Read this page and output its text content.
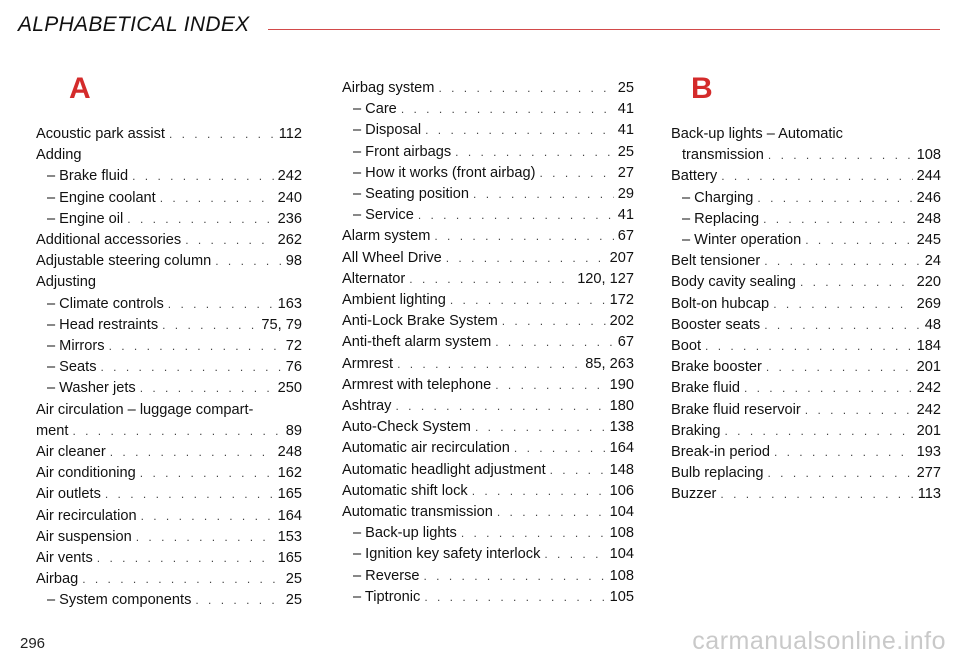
ALPHABETICAL INDEX
A
Acoustic park assist . . .	112
Adding
– Brake fluid . . .	242
– Engine coolant . . .	240
– Engine oil . . .	236
Additional accessories . . .	262
Adjustable steering column . . .	98
Adjusting
– Climate controls . . .	163
– Head restraints . . .	75, 79
– Mirrors . . .	72
– Seats . . .	76
– Washer jets . . .	250
Air circulation – luggage compart-
ment . . .	89
Air cleaner . . .	248
Air conditioning . . .	162
Air outlets . . .	165
Air recirculation . . .	164
Air suspension . . .	153
Air vents . . .	165
Airbag . . .	25
– System components . . .	25
Airbag system . . .	25
– Care . . .	41
– Disposal . . .	41
– Front airbags . . .	25
– How it works (front airbag) . . .	27
– Seating position . . .	29
– Service . . .	41
Alarm system . . .	67
All Wheel Drive . . .	207
Alternator . . .	120, 127
Ambient lighting . . .	172
Anti-Lock Brake System . . .	202
Anti-theft alarm system . . .	67
Armrest . . .	85, 263
Armrest with telephone . . .	190
Ashtray . . .	180
Auto-Check System . . .	138
Automatic air recirculation . . .	164
Automatic headlight adjustment . . .	148
Automatic shift lock . . .	106
Automatic transmission . . .	104
– Back-up lights . . .	108
– Ignition key safety interlock . . .	104
– Reverse . . .	108
– Tiptronic . . .	105
B
Back-up lights – Automatic
transmission . . .	108
Battery . . .	244
– Charging . . .	246
– Replacing . . .	248
– Winter operation . . .	245
Belt tensioner . . .	24
Body cavity sealing . . .	220
Bolt-on hubcap . . .	269
Booster seats . . .	48
Boot . . .	184
Brake booster . . .	201
Brake fluid . . .	242
Brake fluid reservoir . . .	242
Braking . . .	201
Break-in period . . .	193
Bulb replacing . . .	277
Buzzer . . .	113
296	carmanualsonline.info
